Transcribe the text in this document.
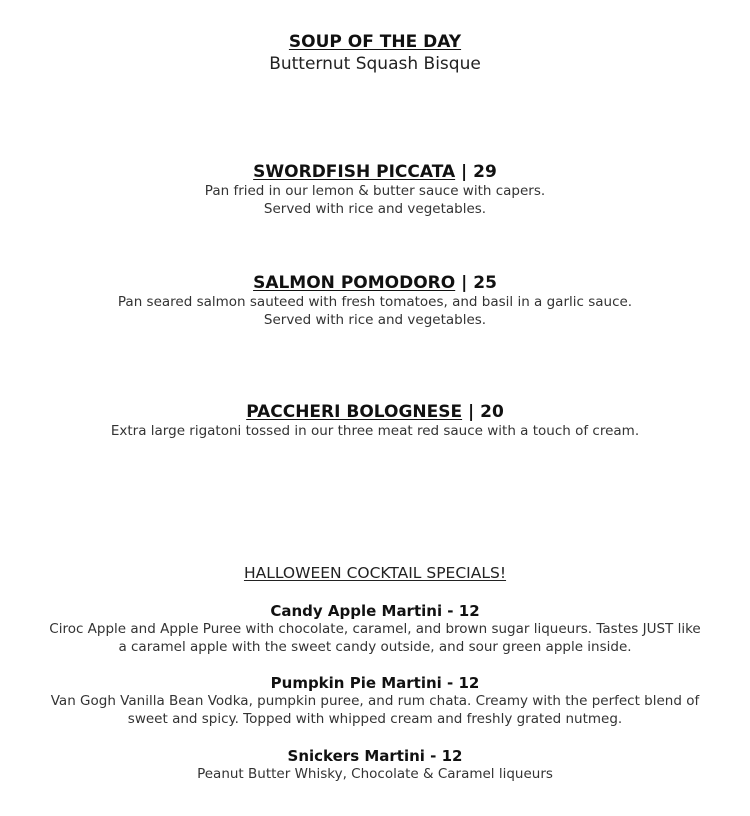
SOUP OF THE DAY
Butternut Squash Bisque
SWORDFISH PICCATA | 29
Pan fried in our lemon & butter sauce with capers.
Served with rice and vegetables.
SALMON POMODORO | 25
Pan seared salmon sauteed with fresh tomatoes, and basil in a garlic sauce.
Served with rice and vegetables.
PACCHERI BOLOGNESE | 20
Extra large rigatoni tossed in our three meat red sauce with a touch of cream.
HALLOWEEN COCKTAIL SPECIALS!
Candy Apple Martini - 12
Ciroc Apple and Apple Puree with chocolate, caramel, and brown sugar liqueurs. Tastes JUST like
a caramel apple with the sweet candy outside, and sour green apple inside.
Pumpkin Pie Martini - 12
Van Gogh Vanilla Bean Vodka, pumpkin puree, and rum chata. Creamy with the perfect blend of
sweet and spicy. Topped with whipped cream and freshly grated nutmeg.
Snickers Martini - 12
Peanut Butter Whisky, Chocolate & Caramel liqueurs
